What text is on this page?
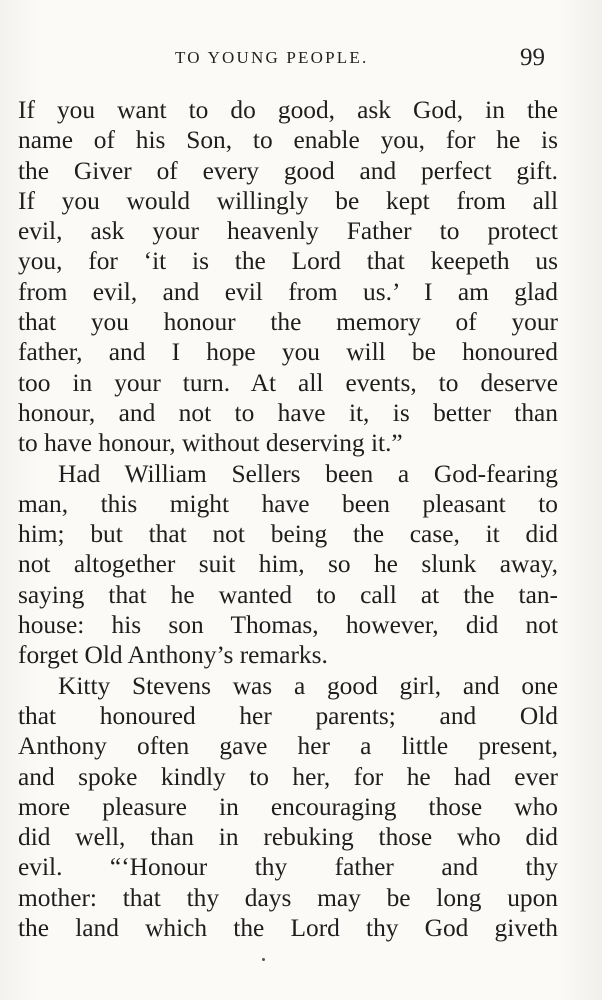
TO YOUNG PEOPLE.	99
If you want to do good, ask God, in the
name of his Son, to enable you, for he is
the Giver of every good and perfect gift.
If you would willingly be kept from all
evil, ask your heavenly Father to protect
you, for ‘it is the Lord that keepeth us
from evil, and evil from us.’ I am glad
that you honour the memory of your
father, and I hope you will be honoured
too in your turn. At all events, to deserve
honour, and not to have it, is better than
to have honour, without deserving it.”
Had William Sellers been a God-fearing
man, this might have been pleasant to
him; but that not being the case, it did
not altogether suit him, so he slunk away,
saying that he wanted to call at the tan-
house: his son Thomas, however, did not
forget Old Anthony’s remarks.
Kitty Stevens was a good girl, and one
that honoured her parents; and Old
Anthony often gave her a little present,
and spoke kindly to her, for he had ever
more pleasure in encouraging those who
did well, than in rebuking those who did
evil. “‘Honour thy father and thy
mother: that thy days may be long upon
the land which the Lord thy God giveth
